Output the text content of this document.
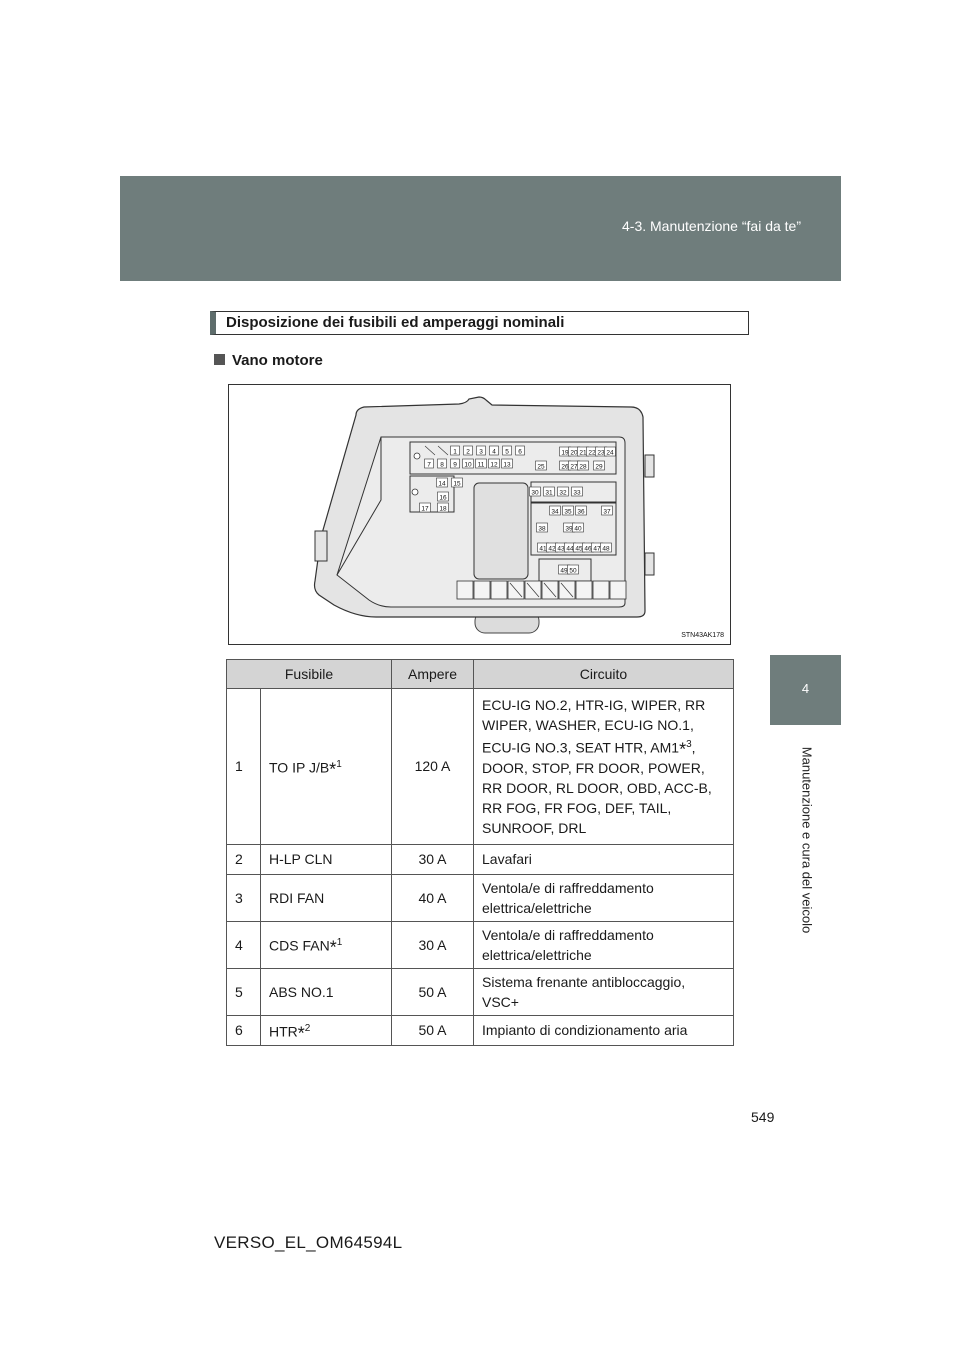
4-3. Manutenzione “fai da te”
4
Manutenzione e cura del veicolo
Disposizione dei fusibili ed amperaggi nominali
Vano motore
1 2 3 4 5 6
7 8 9 10 11 12 13
14 15
16
17 18
19 20 21 22 23 24
25	26 27 28 29
30 31 32 33
34 35 36	37
38	39 40
41 42 43 44 45 46 47 48
49 50
STN43AK178
Fusibile		Ampere	Circuito
1	TO IP J/B*$^1$	120 A	ECU-IG NO.2, HTR-IG, WIPER, RR WIPER, WASHER, ECU-IG NO.1, ECU-IG NO.3, SEAT HTR, AM1*$^3$, DOOR, STOP, FR DOOR, POWER, RR DOOR, RL DOOR, OBD, ACC-B, RR FOG, FR FOG, DEF, TAIL, SUNROOF, DRL
2	H-LP CLN	30 A	Lavafari
3	RDI FAN	40 A	Ventola/e di raffreddamento elettrica/elettriche
4	CDS FAN*$^1$	30 A	Ventola/e di raffreddamento elettrica/elettriche
5	ABS NO.1	50 A	Sistema frenante antibloccaggio, VSC+
6	HTR*$^2$	50 A	Impianto di condizionamento aria
549
VERSO_EL_OM64594L
